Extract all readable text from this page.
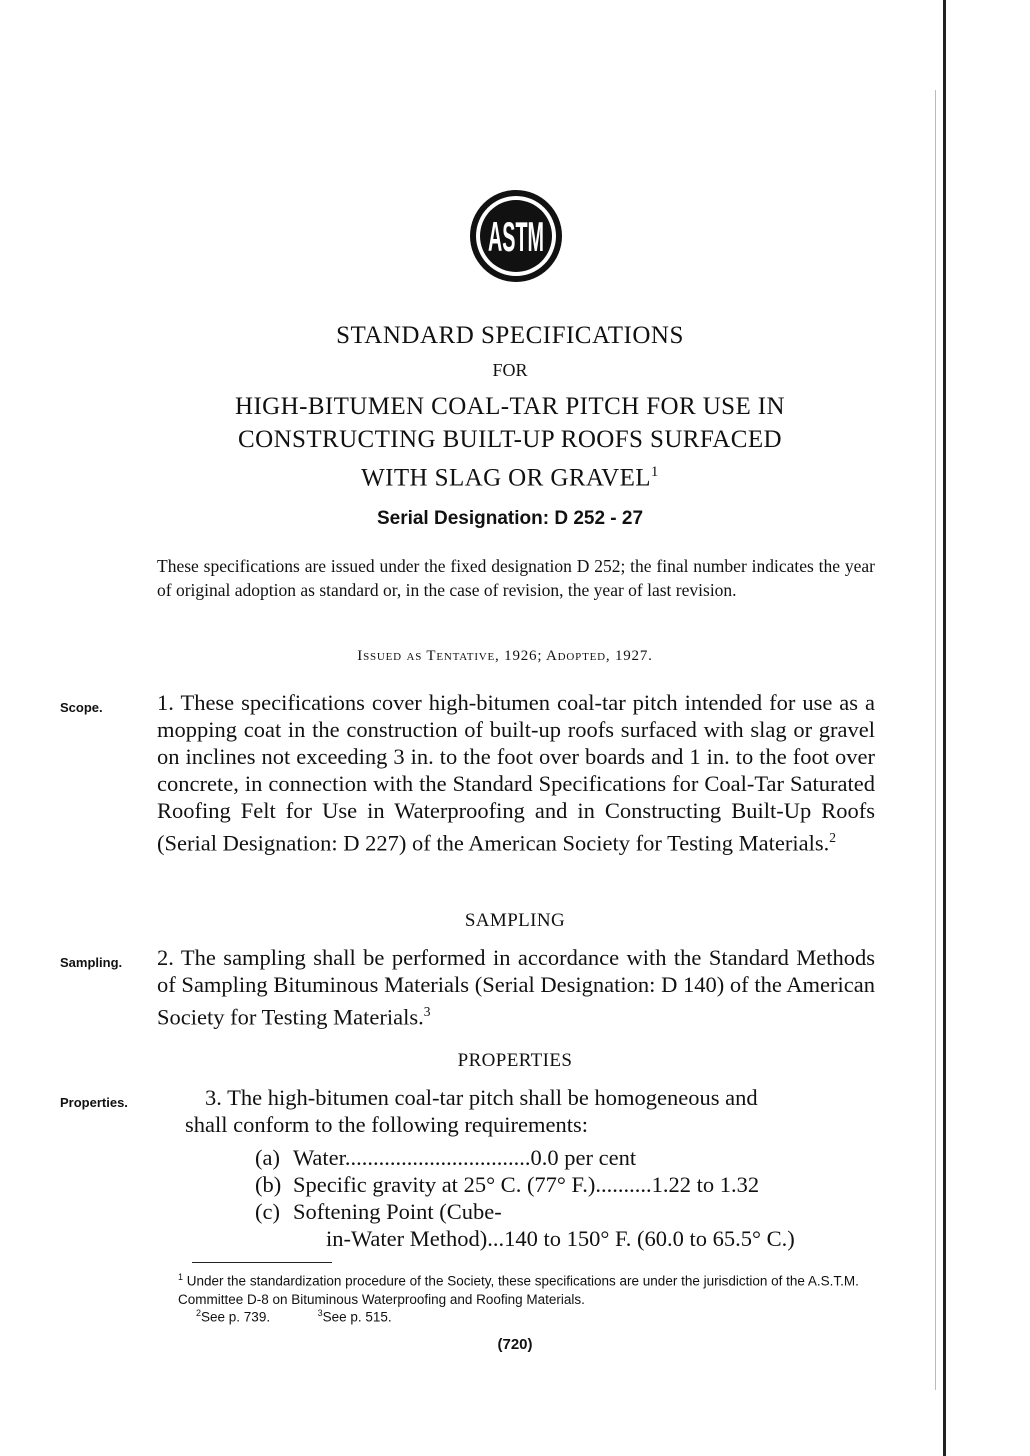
ASTM
STANDARD SPECIFICATIONS
FOR
HIGH-BITUMEN COAL-TAR PITCH FOR USE IN
CONSTRUCTING BUILT-UP ROOFS SURFACED
WITH SLAG OR GRAVEL$^1$
Serial Designation: D 252 - 27
These specifications are issued under the fixed designation D 252; the final number indicates the year of original adoption as standard or, in the case of revision, the year of last revision.
Issued as Tentative, 1926; Adopted, 1927.
Scope. 1. These specifications cover high-bitumen coal-tar pitch intended for use as a mopping coat in the construction of built-up roofs surfaced with slag or gravel on inclines not exceeding 3 in. to the foot over boards and 1 in. to the foot over concrete, in connection with the Standard Specifications for Coal-Tar Saturated Roofing Felt for Use in Waterproofing and in Constructing Built-Up Roofs (Serial Designation: D 227) of the American Society for Testing Materials.$^2$
SAMPLING
Sampling. 2. The sampling shall be performed in accordance with the Standard Methods of Sampling Bituminous Materials (Serial Designation: D 140) of the American Society for Testing Materials.$^3$
PROPERTIES
Properties.	3. The high-bitumen coal-tar pitch shall be homogeneous and
shall conform to the following requirements:
(a) Water.................................0.0 per cent
(b) Specific gravity at 25° C. (77° F.)..........1.22 to 1.32
(c) Softening Point (Cube-
in-Water Method)...140 to 150° F. (60.0 to 65.5° C.)
$^1$ Under the standardization procedure of the Society, these specifications are under the jurisdiction of the A.S.T.M. Committee D-8 on Bituminous Waterproofing and Roofing Materials.
$^2$See p. 739.	$^3$See p. 515.
(720)
